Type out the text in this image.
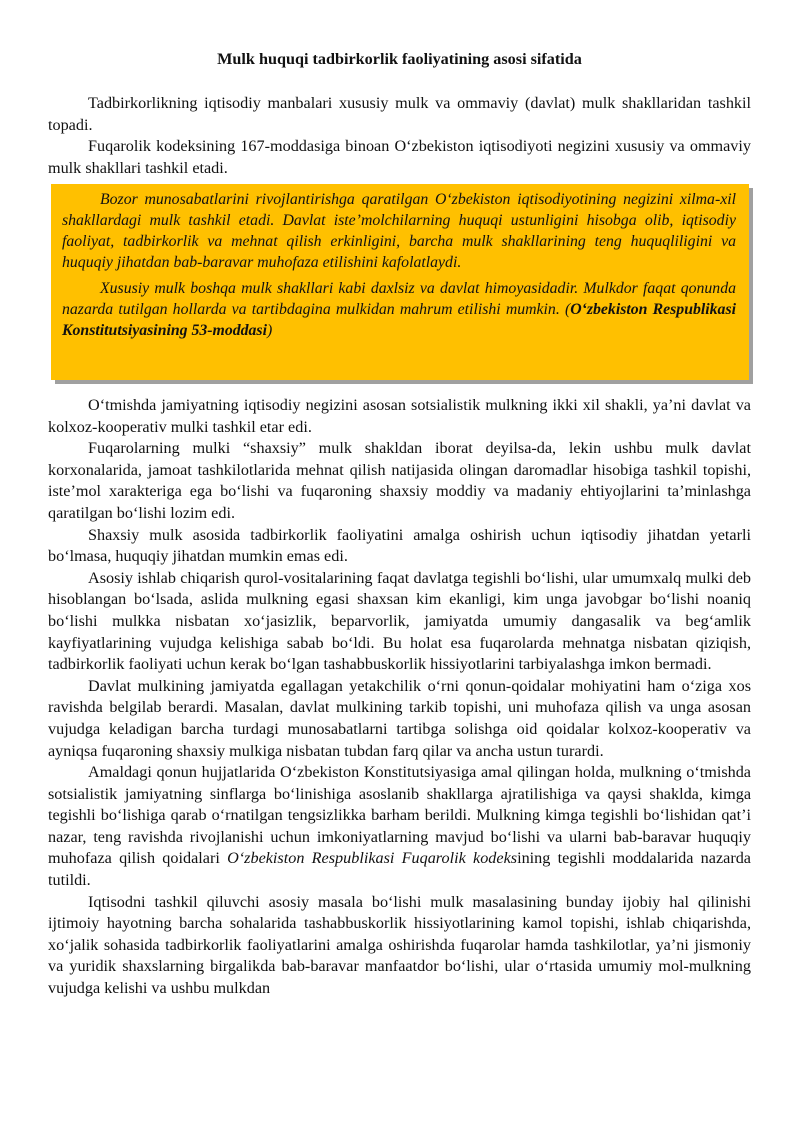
Mulk huquqi tadbirkorlik faoliyatining asosi sifatida

Tadbirkorlikning iqtisodiy manbalari xususiy mulk va ommaviy (davlat) mulk shakllaridan tashkil topadi.

Fuqarolik kodeksining 167-moddasiga binoan O‘zbekiston iqtisodiyoti negizini xususiy va ommaviy mulk shakllari tashkil etadi.

Bozor munosabatlarini rivojlantirishga qaratilgan O‘zbekiston iqtisodiyotining negizini xilma-xil shakllardagi mulk tashkil etadi. Davlat iste’molchilarning huquqi ustunligini hisobga olib, iqtisodiy faoliyat, tadbirkorlik va mehnat qilish erkinligini, barcha mulk shakllarining teng huquqliligini va huquqiy jihatdan bab-baravar muhofaza etilishini kafolatlaydi.

Xususiy mulk boshqa mulk shakllari kabi daxlsiz va davlat himoyasidadir. Mulkdor faqat qonunda nazarda tutilgan hollarda va tartibdagina mulkidan mahrum etilishi mumkin. (O‘zbekiston Respublikasi Konstitutsiyasining 53-moddasi)

O‘tmishda jamiyatning iqtisodiy negizini asosan sotsialistik mulkning ikki xil shakli, ya’ni davlat va kolxoz-kooperativ mulki tashkil etar edi.

Fuqarolarning mulki “shaxsiy” mulk shakldan iborat deyilsa-da, lekin ushbu mulk davlat korxonalarida, jamoat tashkilotlarida mehnat qilish natijasida olingan daromadlar hisobiga tashkil topishi, iste’mol xarakteriga ega bo‘lishi va fuqaroning shaxsiy moddiy va madaniy ehtiyojlarini ta’minlashga qaratilgan bo‘lishi lozim edi.

Shaxsiy mulk asosida tadbirkorlik faoliyatini amalga oshirish uchun iqtisodiy jihatdan yetarli bo‘lmasa, huquqiy jihatdan mumkin emas edi.

Asosiy ishlab chiqarish qurol-vositalarining faqat davlatga tegishli bo‘lishi, ular umumxalq mulki deb hisoblangan bo‘lsada, aslida mulkning egasi shaxsan kim ekanligi, kim unga javobgar bo‘lishi noaniq bo‘lishi mulkka nisbatan xo‘jasizlik, beparvorlik, jamiyatda umumiy dangasalik va beg‘amlik kayfiyatlarining vujudga kelishiga sabab bo‘ldi. Bu holat esa fuqarolarda mehnatga nisbatan qiziqish, tadbirkorlik faoliyati uchun kerak bo‘lgan tashabbuskorlik hissiyotlarini tarbiyalashga imkon bermadi.

Davlat mulkining jamiyatda egallagan yetakchilik o‘rni qonun-qoidalar mohiyatini ham o‘ziga xos ravishda belgilab berardi. Masalan, davlat mulkining tarkib topishi, uni muhofaza qilish va unga asosan vujudga keladigan barcha turdagi munosabatlarni tartibga solishga oid qoidalar kolxoz-kooperativ va ayniqsa fuqaroning shaxsiy mulkiga nisbatan tubdan farq qilar va ancha ustun turardi.

Amaldagi qonun hujjatlarida O‘zbekiston Konstitutsiyasiga amal qilingan holda, mulkning o‘tmishda sotsialistik jamiyatning sinflarga bo‘linishiga asoslanib shakllarga ajratilishiga va qaysi shaklda, kimga tegishli bo‘lishiga qarab o‘rnatilgan tengsizlikka barham berildi. Mulkning kimga tegishli bo‘lishidan qat’i nazar, teng ravishda rivojlanishi uchun imkoniyatlarning mavjud bo‘lishi va ularni bab-baravar huquqiy muhofaza qilish qoidalari O‘zbekiston Respublikasi Fuqarolik kodeksining tegishli moddalarida nazarda tutildi.

Iqtisodni tashkil qiluvchi asosiy masala bo‘lishi mulk masalasining bunday ijobiy hal qilinishi ijtimoiy hayotning barcha sohalarida tashabbuskorlik hissiyotlarining kamol topishi, ishlab chiqarishda, xo‘jalik sohasida tadbirkorlik faoliyatlarini amalga oshirishda fuqarolar hamda tashkilotlar, ya’ni jismoniy va yuridik shaxslarning birgalikda bab-baravar manfaatdor bo‘lishi, ular o‘rtasida umumiy mol-mulkning vujudga kelishi va ushbu mulkdan
